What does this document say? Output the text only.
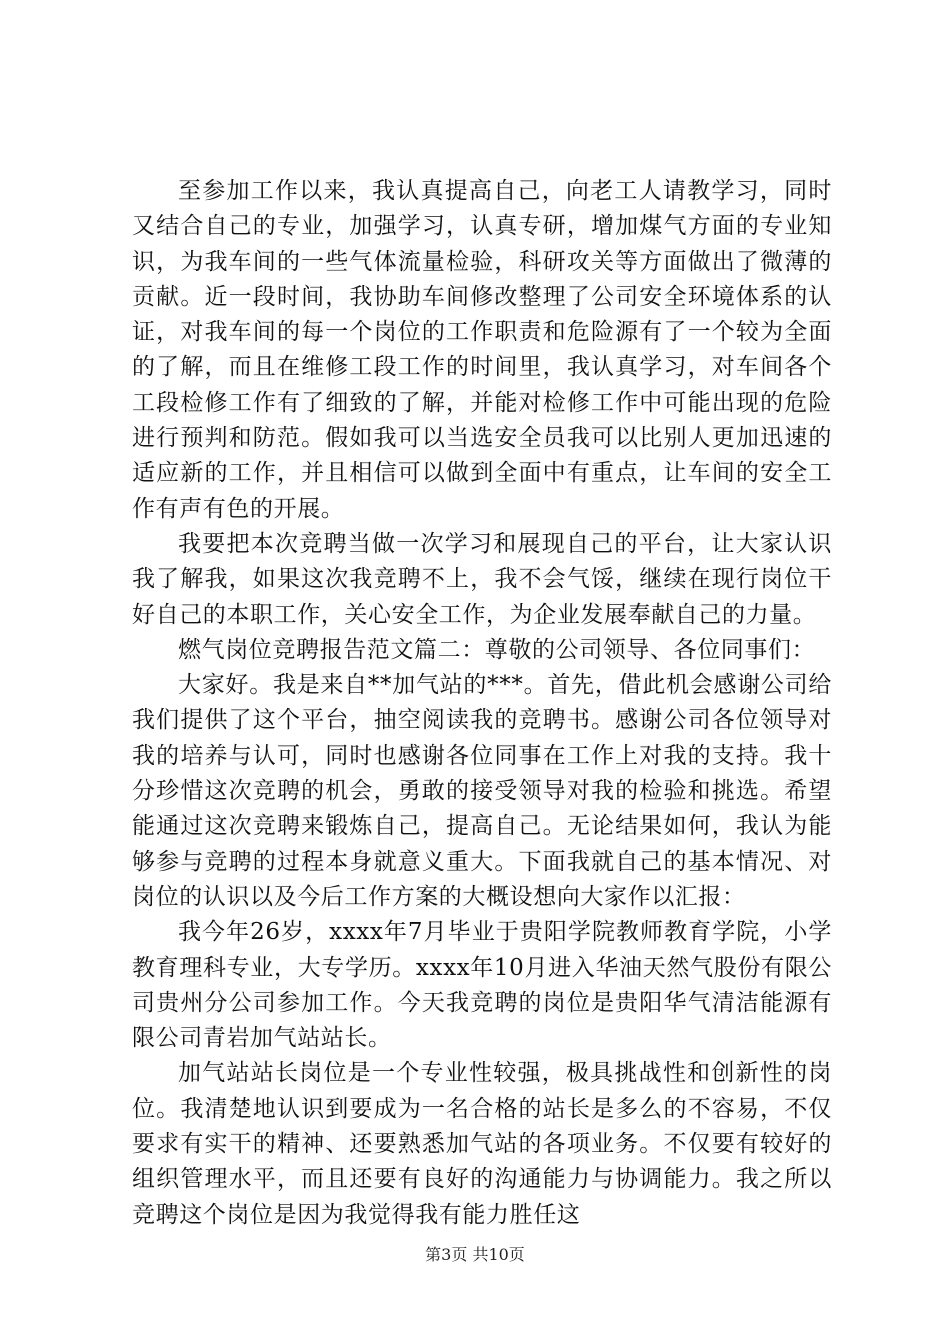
至参加工作以来，我认真提高自己，向老工人请教学习，同时又结合自己的专业，加强学习，认真专研，增加煤气方面的专业知识，为我车间的一些气体流量检验，科研攻关等方面做出了微薄的贡献。近一段时间，我协助车间修改整理了公司安全环境体系的认证，对我车间的每一个岗位的工作职责和危险源有了一个较为全面的了解，而且在维修工段工作的时间里，我认真学习，对车间各个工段检修工作有了细致的了解，并能对检修工作中可能出现的危险进行预判和防范。假如我可以当选安全员我可以比别人更加迅速的适应新的工作，并且相信可以做到全面中有重点，让车间的安全工作有声有色的开展。

我要把本次竞聘当做一次学习和展现自己的平台，让大家认识我了解我，如果这次我竞聘不上，我不会气馁，继续在现行岗位干好自己的本职工作，关心安全工作，为企业发展奉献自己的力量。

燃气岗位竞聘报告范文篇二：尊敬的公司领导、各位同事们：

大家好。我是来自**加气站的***。首先，借此机会感谢公司给我们提供了这个平台，抽空阅读我的竞聘书。感谢公司各位领导对我的培养与认可，同时也感谢各位同事在工作上对我的支持。我十分珍惜这次竞聘的机会，勇敢的接受领导对我的检验和挑选。希望能通过这次竞聘来锻炼自己，提高自己。无论结果如何，我认为能够参与竞聘的过程本身就意义重大。下面我就自己的基本情况、对岗位的认识以及今后工作方案的大概设想向大家作以汇报：

我今年26岁，xxxx年7月毕业于贵阳学院教师教育学院，小学教育理科专业，大专学历。xxxx年10月进入华油天然气股份有限公司贵州分公司参加工作。今天我竞聘的岗位是贵阳华气清洁能源有限公司青岩加气站站长。

加气站站长岗位是一个专业性较强，极具挑战性和创新性的岗位。我清楚地认识到要成为一名合格的站长是多么的不容易，不仅要求有实干的精神、还要熟悉加气站的各项业务。不仅要有较好的组织管理水平，而且还要有良好的沟通能力与协调能力。我之所以竞聘这个岗位是因为我觉得我有能力胜任这

第3页 共10页
